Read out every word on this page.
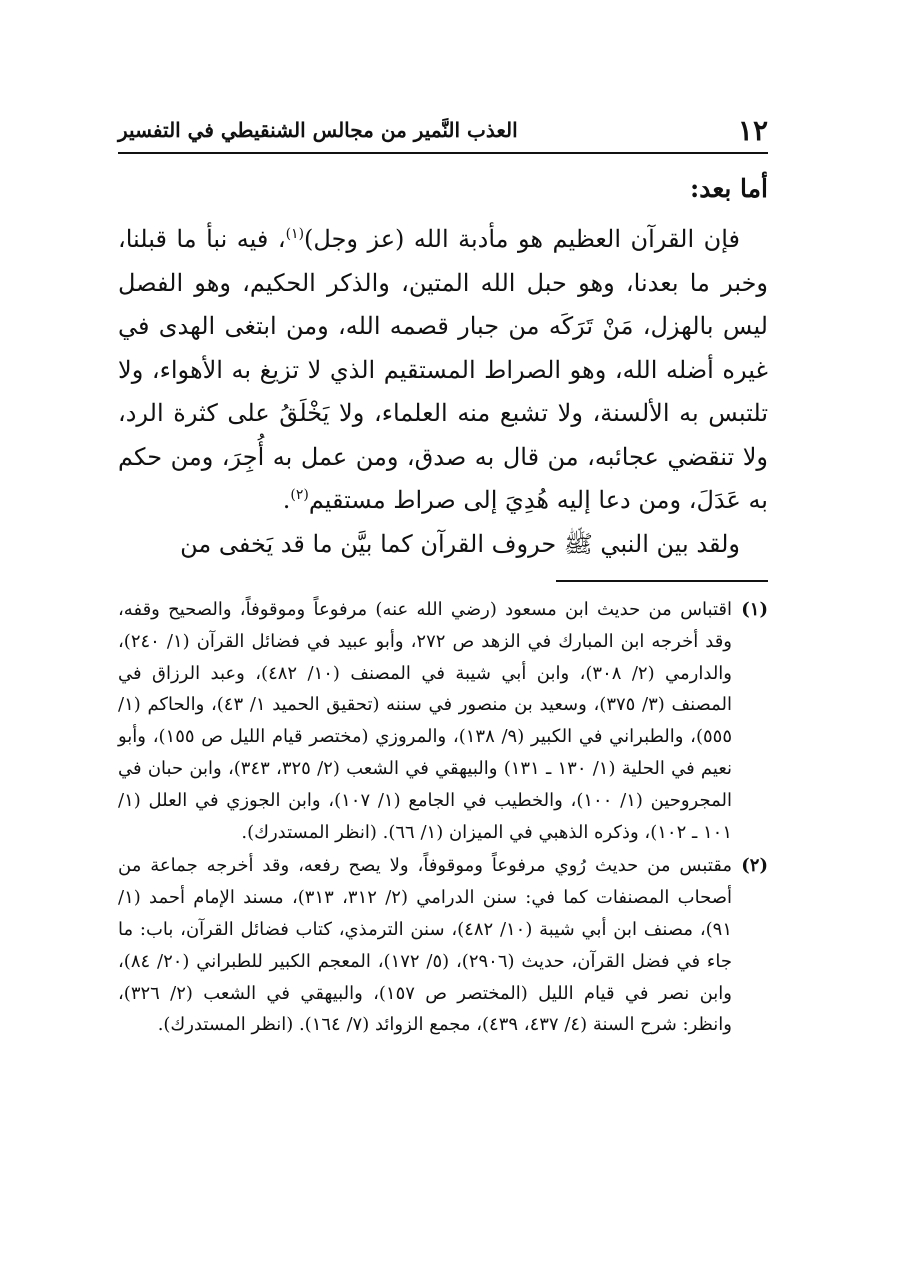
١٢
العذب النَّمير من مجالس الشنقيطي في التفسير
أما بعد:

فإن القرآن العظيم هو مأدبة الله (عز وجل)$^{(١)}$، فيه نبأ ما قبلنا، وخبر ما بعدنا، وهو حبل الله المتين، والذكر الحكيم، وهو الفصل ليس بالهزل، مَنْ تَرَكَه من جبار قصمه الله، ومن ابتغى الهدى في غيره أضله الله، وهو الصراط المستقيم الذي لا تزيغ به الأهواء، ولا تلتبس به الألسنة، ولا تشبع منه العلماء، ولا يَخْلَقُ على كثرة الرد، ولا تنقضي عجائبه، من قال به صدق، ومن عمل به أُجِرَ، ومن حكم به عَدَلَ، ومن دعا إليه هُدِيَ إلى صراط مستقيم$^{(٢)}$.

ولقد بين النبي ﷺ حروف القرآن كما بيَّن ما قد يَخفى من

(١)
اقتباس من حديث ابن مسعود (رضي الله عنه) مرفوعاً وموقوفاً، والصحيح وقفه، وقد أخرجه ابن المبارك في الزهد ص ٢٧٢، وأبو عبيد في فضائل القرآن (١/ ٢٤٠)، والدارمي (٢/ ٣٠٨)، وابن أبي شيبة في المصنف (١٠/ ٤٨٢)، وعبد الرزاق في المصنف (٣/ ٣٧٥)، وسعيد بن منصور في سننه (تحقيق الحميد ١/ ٤٣)، والحاكم (١/ ٥٥٥)، والطبراني في الكبير (٩/ ١٣٨)، والمروزي (مختصر قيام الليل ص ١٥٥)، وأبو نعيم في الحلية (١/ ١٣٠ ـ ١٣١) والبيهقي في الشعب (٢/ ٣٢٥، ٣٤٣)، وابن حبان في المجروحين (١/ ١٠٠)، والخطيب في الجامع (١/ ١٠٧)، وابن الجوزي في العلل (١/ ١٠١ ـ ١٠٢)، وذكره الذهبي في الميزان (١/ ٦٦). (انظر المستدرك).
(٢)
مقتبس من حديث رُوي مرفوعاً وموقوفاً، ولا يصح رفعه، وقد أخرجه جماعة من أصحاب المصنفات كما في: سنن الدرامي (٢/ ٣١٢، ٣١٣)، مسند الإمام أحمد (١/ ٩١)، مصنف ابن أبي شيبة (١٠/ ٤٨٢)، سنن الترمذي، كتاب فضائل القرآن، باب: ما جاء في فضل القرآن، حديث (٢٩٠٦)، (٥/ ١٧٢)، المعجم الكبير للطبراني (٢٠/ ٨٤)، وابن نصر في قيام الليل (المختصر ص ١٥٧)، والبيهقي في الشعب (٢/ ٣٢٦)، وانظر: شرح السنة (٤/ ٤٣٧، ٤٣٩)، مجمع الزوائد (٧/ ١٦٤). (انظر المستدرك).
